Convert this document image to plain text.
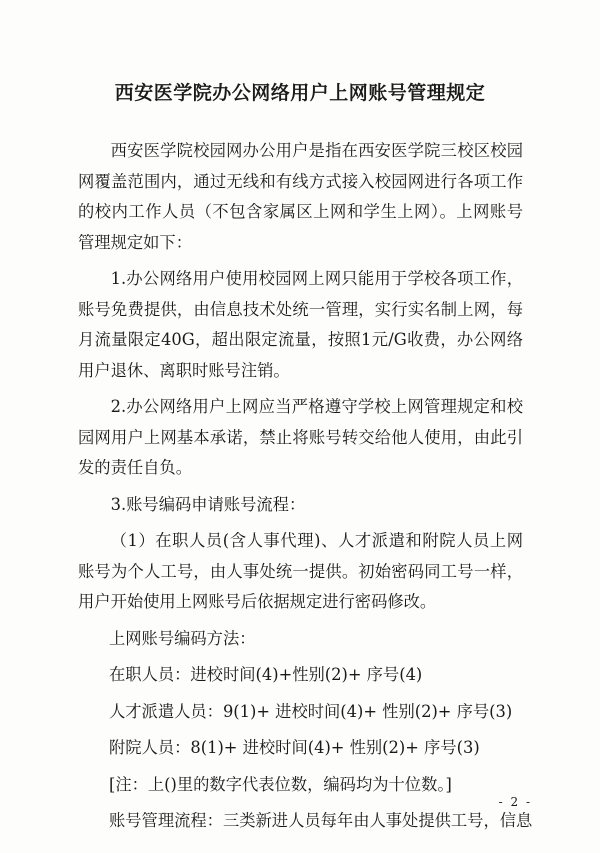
西安医学院办公网络用户上网账号管理规定

西安医学院校园网办公用户是指在西安医学院三校区校园网覆盖范围内，通过无线和有线方式接入校园网进行各项工作的校内工作人员（不包含家属区上网和学生上网）。上网账号管理规定如下：

1.办公网络用户使用校园网上网只能用于学校各项工作，账号免费提供，由信息技术处统一管理，实行实名制上网，每月流量限定40G，超出限定流量，按照1元/G收费，办公网络用户退休、离职时账号注销。

2.办公网络用户上网应当严格遵守学校上网管理规定和校园网用户上网基本承诺，禁止将账号转交给他人使用，由此引发的责任自负。

3.账号编码申请账号流程：

（1）在职人员(含人事代理)、人才派遣和附院人员上网账号为个人工号，由人事处统一提供。初始密码同工号一样，用户开始使用上网账号后依据规定进行密码修改。

上网账号编码方法：

在职人员：进校时间(4)+性别(2)+ 序号(4)

人才派遣人员：9(1)+ 进校时间(4)+ 性别(2)+ 序号(3)

附院人员：8(1)+ 进校时间(4)+ 性别(2)+ 序号(3)

[注：上()里的数字代表位数，编码均为十位数。]

账号管理流程：三类新进人员每年由人事处提供工号，信息

- 2 -
